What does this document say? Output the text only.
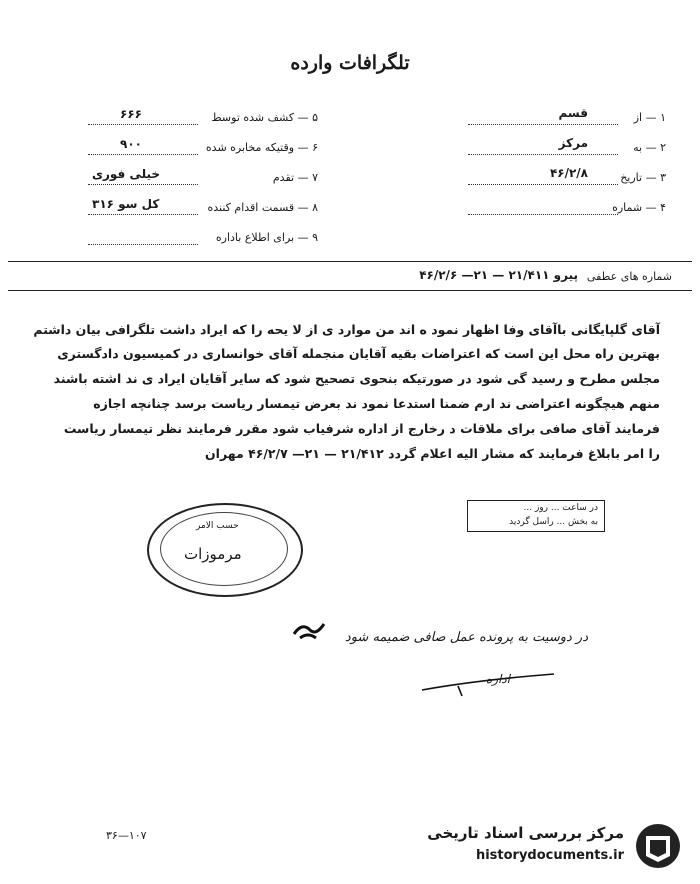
تلگرافات وارده
۱ — از
قسم
۲ — به
مرکز
۳ — تاریخ
۴۶/۲/۸
۴ — شماره
۵ — کشف شده توسط
۶۶۶
۶ — وقتیکه مخابره شده
۹۰۰
۷ — تقدم
خیلی فوری
۸ — قسمت اقدام کننده
کل سو ۳۱۶
۹ — برای اطلاع باداره
شماره های عطفی
پیرو ۲۱/۴۱۱ — ۲۱— ۴۶/۲/۶
آقای گلپایگانی باآقای وفا اظهار نمود ه اند من موارد ی از لا یحه را که ایراد داشت تلگرافی بیان داشتم
بهترین راه محل این است که اعتراضات بقیه آقایان منجمله آقای خوانساری در کمیسیون دادگستری
مجلس مطرح و رسید گی شود در صورتیکه بنحوی تصحیح شود که سایر آقایان ایراد ی ند اشته باشند
منهم هیچگونه اعتراضی ند ارم ضمنا استدعا نمود ند بعرض تیمسار ریاست برسد چنانچه اجازه
فرمایند آقای صافی برای ملاقات د رخارج از اداره شرفیاب شود مقرر فرمایند نظر تیمسار ریاست
را امر بابلاغ فرمایند که مشار الیه اعلام گردد ۲۱/۴۱۲ — ۲۱— ۴۶/۲/۷ مهران
در ساعت ... روز ...
به بخش ... راسل گردید
حسب الامر
مرموزات
در دوسیت به پرونده عمل صافی ضمیمه شود
اداره
۱۰۷—۳۶	مرکز بررسی اسناد تاریخی
historydocuments.ir
